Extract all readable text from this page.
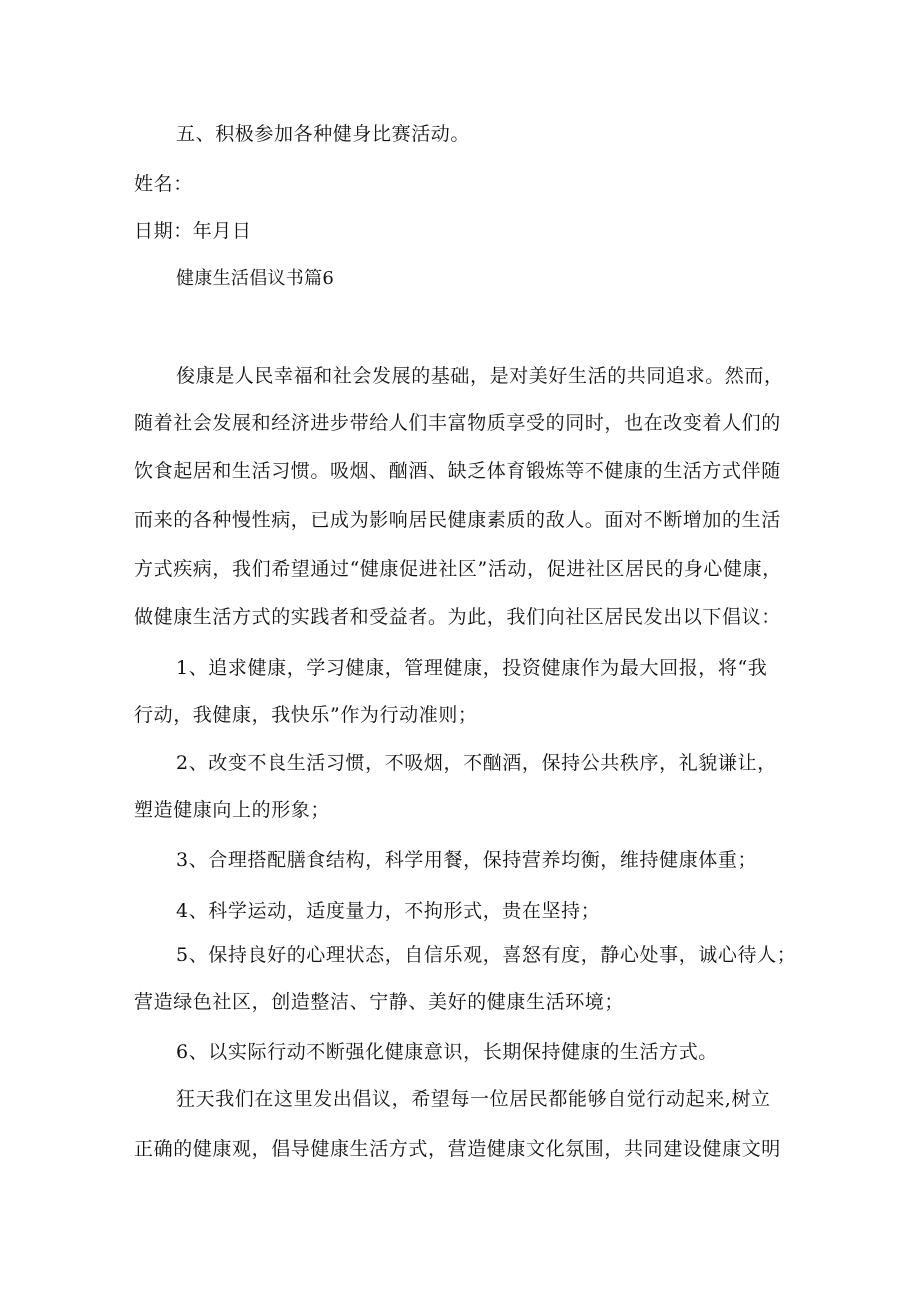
五、积极参加各种健身比赛活动。
姓名：
日期：年月日
健康生活倡议书篇6
俊康是人民幸福和社会发展的基础，是对美好生活的共同追求。然而，
随着社会发展和经济进步带给人们丰富物质享受的同时，也在改变着人们的
饮食起居和生活习惯。吸烟、酗酒、缺乏体育锻炼等不健康的生活方式伴随
而来的各种慢性病，已成为影响居民健康素质的敌人。面对不断增加的生活
方式疾病，我们希望通过“健康促进社区”活动，促进社区居民的身心健康，
做健康生活方式的实践者和受益者。为此，我们向社区居民发出以下倡议：
1、追求健康，学习健康，管理健康，投资健康作为最大回报，将“我
行动，我健康，我快乐”作为行动准则；
2、改变不良生活习惯，不吸烟，不酗酒，保持公共秩序，礼貌谦让，
塑造健康向上的形象；
3、合理搭配膳食结构，科学用餐，保持营养均衡，维持健康体重；
4、科学运动，适度量力，不拘形式，贵在坚持；
5、保持良好的心理状态，自信乐观，喜怒有度，静心处事，诚心待人；
营造绿色社区，创造整洁、宁静、美好的健康生活环境；
6、以实际行动不断强化健康意识，长期保持健康的生活方式。
狂天我们在这里发出倡议，希望每一位居民都能够自觉行动起来,树立
正确的健康观，倡导健康生活方式，营造健康文化氛围，共同建设健康文明
